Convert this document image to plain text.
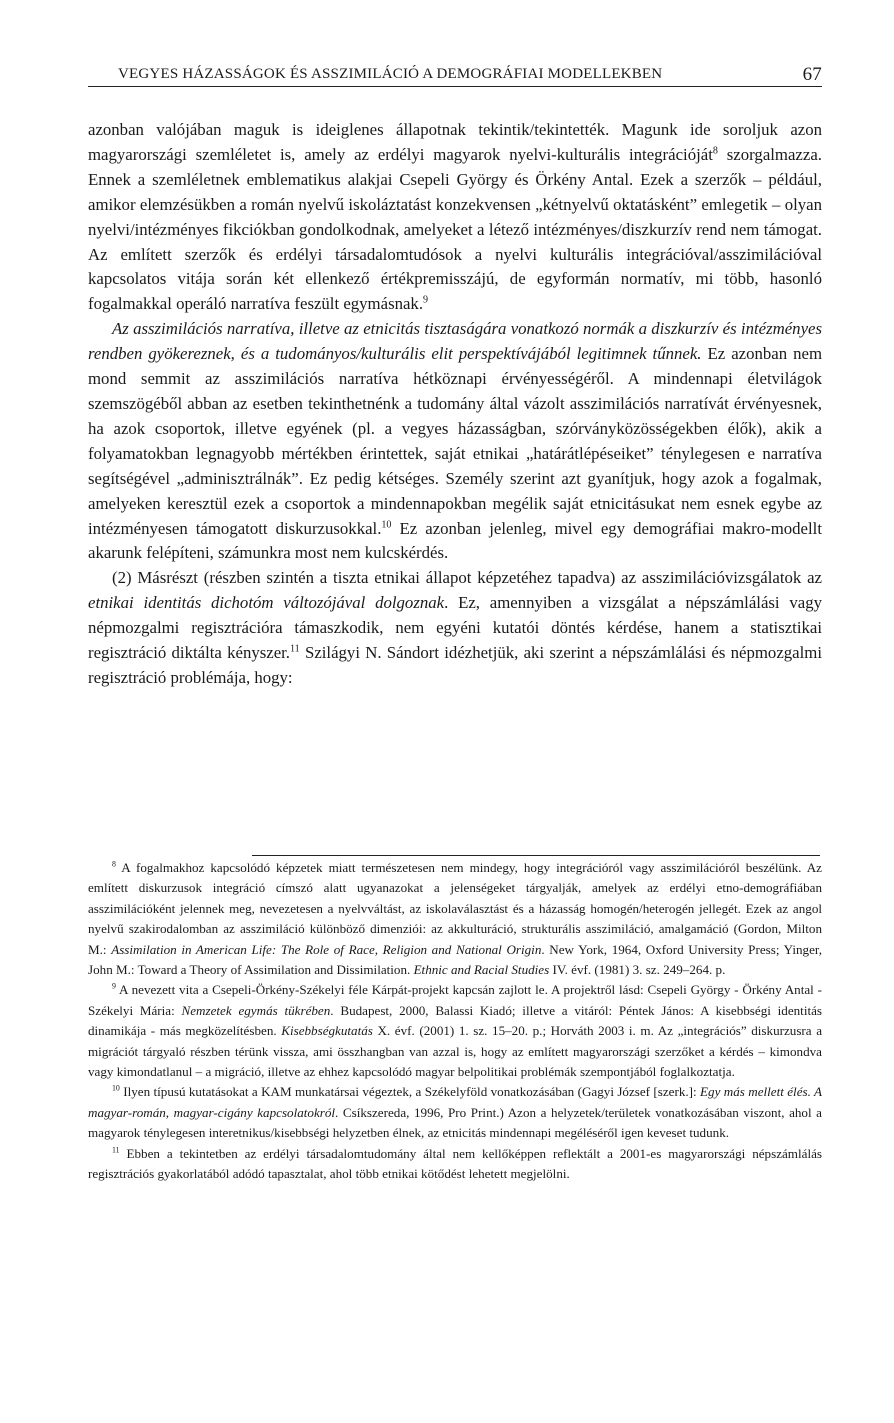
VEGYES HÁZASSÁGOK ÉS ASSZIMILÁCIÓ A DEMOGRÁFIAI MODELLEKBEN	67

azonban valójában maguk is ideiglenes állapotnak tekintik/tekintették. Magunk ide soroljuk azon magyarországi szemléletet is, amely az erdélyi magyarok nyelvi-kulturális integrációját$^8$ szorgalmazza. Ennek a szemléletnek emblematikus alakjai Csepeli György és Örkény Antal. Ezek a szerzők – például, amikor elemzésükben a román nyelvű iskoláztatást konzekvensen „kétnyelvű oktatásként” emlegetik – olyan nyelvi/intézményes fikciókban gondolkodnak, amelyeket a létező intézményes/diszkurzív rend nem támogat. Az említett szerzők és erdélyi társadalomtudósok a nyelvi kulturális integrációval/asszimilációval kapcsolatos vitája során két ellenkező értékpremisszájú, de egyformán normatív, mi több, hasonló fogalmakkal operáló narratíva feszült egymásnak.$^9$

Az asszimilációs narratíva, illetve az etnicitás tisztaságára vonatkozó normák a diszkurzív és intézményes rendben gyökereznek, és a tudományos/kulturális elit perspektívájából legitimnek tűnnek. Ez azonban nem mond semmit az asszimilációs narratíva hétköznapi érvényességéről. A mindennapi életvilágok szemszögéből abban az esetben tekinthetnénk a tudomány által vázolt asszimilációs narratívát érvényesnek, ha azok csoportok, illetve egyének (pl. a vegyes házasságban, szórványközösségekben élők), akik a folyamatokban legnagyobb mértékben érintettek, saját etnikai „határátlépéseiket” ténylegesen e narratíva segítségével „adminisztrálnák”. Ez pedig kétséges. Személy szerint azt gyanítjuk, hogy azok a fogalmak, amelyeken keresztül ezek a csoportok a mindennapokban megélik saját etnicitásukat nem esnek egybe az intézményesen támogatott diskurzusokkal.$^{10}$ Ez azonban jelenleg, mivel egy demográfiai makro-modellt akarunk felépíteni, számunkra most nem kulcskérdés.

(2) Másrészt (részben szintén a tiszta etnikai állapot képzetéhez tapadva) az asszimilációvizsgálatok az etnikai identitás dichotóm változójával dolgoznak. Ez, amennyiben a vizsgálat a népszámlálási vagy népmozgalmi regisztrációra támaszkodik, nem egyéni kutatói döntés kérdése, hanem a statisztikai regisztráció diktálta kényszer.$^{11}$ Szilágyi N. Sándort idézhetjük, aki szerint a népszámlálási és népmozgalmi regisztráció problémája, hogy:

$^8$ A fogalmakhoz kapcsolódó képzetek miatt természetesen nem mindegy, hogy integrációról vagy asszimilációról beszélünk. Az említett diskurzusok integráció címszó alatt ugyanazokat a jelenségeket tárgyalják, amelyek az erdélyi etno-demográfiában asszimilációként jelennek meg, nevezetesen a nyelvváltást, az iskolaválasztást és a házasság homogén/heterogén jellegét. Ezek az angol nyelvű szakirodalomban az asszimiláció különböző dimenziói: az akkulturáció, strukturális asszimiláció, amalgamáció (Gordon, Milton M.: Assimilation in American Life: The Role of Race, Religion and National Origin. New York, 1964, Oxford University Press; Yinger, John M.: Toward a Theory of Assimilation and Dissimilation. Ethnic and Racial Studies IV. évf. (1981) 3. sz. 249–264. p.

$^9$ A nevezett vita a Csepeli-Örkény-Székelyi féle Kárpát-projekt kapcsán zajlott le. A projektről lásd: Csepeli György - Örkény Antal - Székelyi Mária: Nemzetek egymás tükrében. Budapest, 2000, Balassi Kiadó; illetve a vitáról: Péntek János: A kisebbségi identitás dinamikája - más megközelítésben. Kisebbségkutatás X. évf. (2001) 1. sz. 15–20. p.; Horváth 2003 i. m. Az „integrációs” diskurzusra a migrációt tárgyaló részben térünk vissza, ami összhangban van azzal is, hogy az említett magyarországi szerzőket a kérdés – kimondva vagy kimondatlanul – a migráció, illetve az ehhez kapcsolódó magyar belpolitikai problémák szempontjából foglalkoztatja.

$^{10}$ Ilyen típusú kutatásokat a KAM munkatársai végeztek, a Székelyföld vonatkozásában (Gagyi József [szerk.]: Egy más mellett élés. A magyar-román, magyar-cigány kapcsolatokról. Csíkszereda, 1996, Pro Print.) Azon a helyzetek/területek vonatkozásában viszont, ahol a magyarok ténylegesen interetnikus/kisebbségi helyzetben élnek, az etnicitás mindennapi megéléséről igen keveset tudunk.

$^{11}$ Ebben a tekintetben az erdélyi társadalomtudomány által nem kellőképpen reflektált a 2001-es magyarországi népszámlálás regisztrációs gyakorlatából adódó tapasztalat, ahol több etnikai kötődést lehetett megjelölni.
